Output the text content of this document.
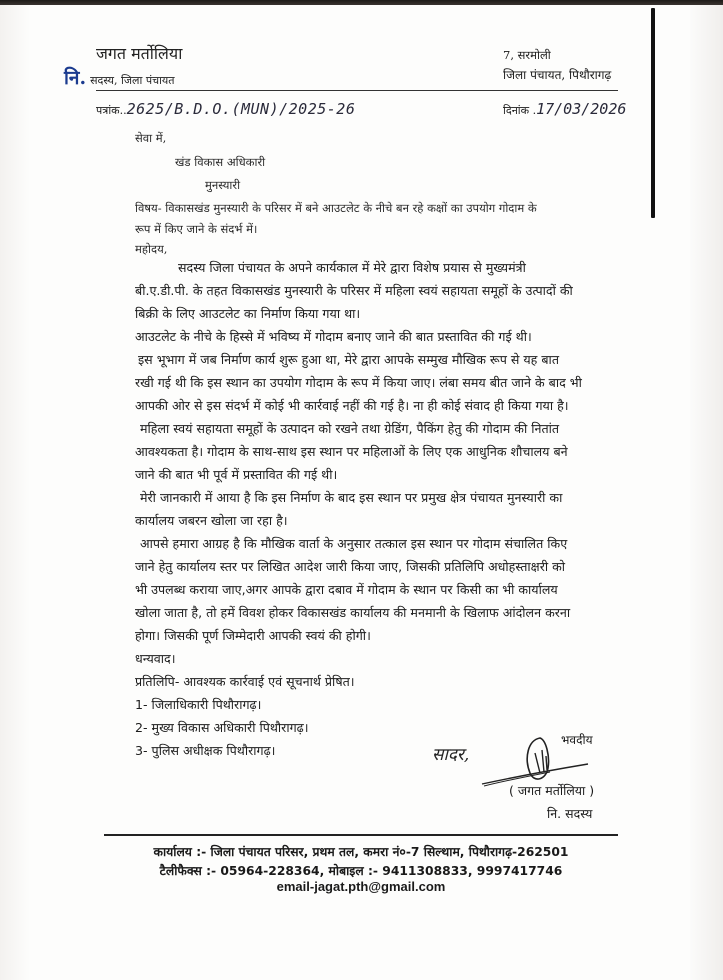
जगत मर्तोलिया
नि. सदस्य, जिला पंचायत
7, सरमोली
जिला पंचायत, पिथौरागढ़
पत्रांक .. 2625/B.D.O.(MUN)/2025-26	दिनांक . 17/03/2026
सेवा में,
खंड विकास अधिकारी
मुनस्यारी
विषय- विकासखंड मुनस्यारी के परिसर में बने आउटलेट के नीचे बन रहे कक्षों का उपयोग गोदाम के
रूप में किए जाने के संदर्भ में।
महोदय,
सदस्य जिला पंचायत के अपने कार्यकाल में मेरे द्वारा विशेष प्रयास से मुख्यमंत्री
बी.ए.डी.पी. के तहत विकासखंड मुनस्यारी के परिसर में महिला स्वयं सहायता समूहों के उत्पादों की
बिक्री के लिए आउटलेट का निर्माण किया गया था।
आउटलेट के नीचे के हिस्से में भविष्य में गोदाम बनाए जाने की बात प्रस्तावित की गई थी।
इस भूभाग में जब निर्माण कार्य शुरू हुआ था, मेरे द्वारा आपके सम्मुख मौखिक रूप से यह बात
रखी गई थी कि इस स्थान का उपयोग गोदाम के रूप में किया जाए। लंबा समय बीत जाने के बाद भी
आपकी ओर से इस संदर्भ में कोई भी कार्रवाई नहीं की गई है। ना ही कोई संवाद ही किया गया है।
महिला स्वयं सहायता समूहों के उत्पादन को रखने तथा ग्रेडिंग, पैकिंग हेतु की गोदाम की नितांत
आवश्यकता है। गोदाम के साथ-साथ इस स्थान पर महिलाओं के लिए एक आधुनिक शौचालय बने
जाने की बात भी पूर्व में प्रस्तावित की गई थी।
मेरी जानकारी में आया है कि इस निर्माण के बाद इस स्थान पर प्रमुख क्षेत्र पंचायत मुनस्यारी का
कार्यालय जबरन खोला जा रहा है।
आपसे हमारा आग्रह है कि मौखिक वार्ता के अनुसार तत्काल इस स्थान पर गोदाम संचालित किए
जाने हेतु कार्यालय स्तर पर लिखित आदेश जारी किया जाए, जिसकी प्रतिलिपि अधोहस्ताक्षरी को
भी उपलब्ध कराया जाए,अगर आपके द्वारा दबाव में गोदाम के स्थान पर किसी का भी कार्यालय
खोला जाता है, तो हमें विवश होकर विकासखंड कार्यालय की मनमानी के खिलाफ आंदोलन करना
होगा। जिसकी पूर्ण जिम्मेदारी आपकी स्वयं की होगी।
धन्यवाद।
प्रतिलिपि- आवश्यक कार्रवाई एवं सूचनार्थ प्रेषित।
1- जिलाधिकारी पिथौरागढ़।
2- मुख्य विकास अधिकारी पिथौरागढ़।
3- पुलिस अधीक्षक पिथौरागढ़।	सादर,
भवदीय
( जगत मर्तोलिया )
नि. सदस्य
कार्यालय :- जिला पंचायत परिसर, प्रथम तल, कमरा नं०-7 सिल्थाम, पिथौरागढ़-262501
टैलीफैक्स :- 05964-228364, मोबाइल :- 9411308833, 9997417746
email-jagat.pth@gmail.com
